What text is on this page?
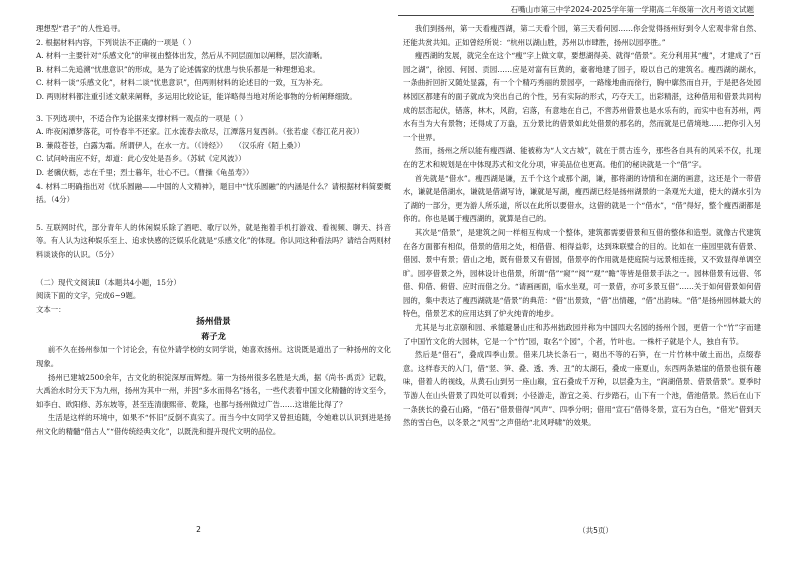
石嘴山市第三中学2024-2025学年第一学期高二年级第一次月考语文试题

理想型“君子”的人性追寻。

2. 根据材料内容，下列说法不正确的一项是（ ）

A. 材料一主要针对“乐感文化”的审视由整体出发，然后从不同层面加以阐释，层次清晰。

B. 材料二先追溯“忧患意识”的形成，是为了论述儒家的忧患与快乐都是一种理想追求。

C. 材料一谈“乐感文化”，材料二谈“忧患意识”，但两则材料的论述目的一致，互为补充。

D. 两则材料都注重引述文献来阐释，多运用比较论证，能详略得当地对所论事物的分析阐释细致。

3. 下列选项中，不适合作为论据来支撑材料一观点的一项是（ ）

A. 昨夜闲潭梦落花，可怜春半不还家。江水流春去欲尽，江潭落月复西斜。（张若虚《春江花月夜》）

B. 蒹葭苍苍，白露为霜。所谓伊人，在水一方。（《诗经》）　　（汉乐府《陌上桑》）

C. 试问岭南应不好，却道：此心安处是吾乡。（苏轼《定风波》）

D. 老骥伏枥，志在千里；烈士暮年，壮心不已。（曹操《龟虽寿》）

4. 材料二明确指出对《忧乐圆融——中国的人文精神》，题目中“忧乐圆融”的内涵是什么？请根据材料简要概括。（4分）

5. 互联网时代，部分青年人的休闲娱乐除了酒吧、歌厅以外，就是拖着手机打游戏、看视频、聊天、抖音等。有人认为这种娱乐至上、追求快感的泛娱乐化就是“乐感文化”的体现。你认同这种看法吗？请结合两则材料谈谈你的认识。（5分）

（二）现代文阅读Ⅱ（本题共4小题，15分）

阅读下面的文字，完成6~9题。

文本一：

扬州借景

蒋子龙

前不久在扬州参加一个讨论会，有位外请学校的女同学说，她喜欢扬州。这说既是道出了一种扬州的文化现象。

扬州已建城2500余年，古文化的积淀深厚而辉煌。第一为扬州很多名胜是大禹，据《尚书·禹贡》记载，大禹治水时分天下为九州，扬州为其中一州，并因“多水而得名”扬名，一些代表着中国文化精髓的诗文至今，如李白、欧阳修、苏东坡等，甚至连清康熙帝、乾隆，也都与扬州做过广告……这谁能比得了？

生活是这样的环境中，如果不“怀旧”反倒不真实了。而当今中女同学又曾担追随，令她难以认识到进是扬州文化的精髓“借古人”“借传统经典文化”，以既洗和提升现代文明的品位。

我们到扬州，第一天看瘦西湖，第二天看个园，第三天看何园……你会觉得扬州好到令人宏观非常自然、还能共赏共知。正如曾经所说：“杭州以湖山胜，苏州以市肆胜，扬州以园亭胜。”

瘦西湖的发展，就完全在这个“瘦”字上做文章，要想湖得美、就得“借景”。充分利用其“瘦”，才建成了“百园之湖”，徐园、何园、贡园……应是对富有巨黄的，豪奢地建了园子，殴以自己的建筑名。瘦西湖的湖水，一条曲折回折又随处显露，有一个个精巧秀丽的景园亭，一路缘地曲而徐行，胸中廓然而自开，于是把各处园林园区都建有的面子就成为突出自己的个性，另有实际的形式，巧夺天工，出彩精湛，这种借用和借景共同构成的层峦起伏，错落，林木，风韵，宕落，有意地在自己，不啻苏州借景也是水乐有的，而实中也有苏州，两水有当为大有景物；还得成了万盎，五分景比的借景如此处借景的那名的，然而就是已借境地……把你引入另一个世界。

然而，扬州之所以能有瘦西湖、能被称为“人文古城”，就在于贯古连今，那些各自具有的风采不仅，扎现在的艺术和规划是在中体现苏式和文化分项，审美品位也更高。他们的秘诀就是一个“借”字。

首先就是“借水”。瘦西湖是谦，五千个这个或那个湖，谦，都将湖的诗情和在湖的画意，这还是个一带借水，谦就是借湖水，谦就是借湖写诗，谦就是写湖，瘦西湖已经是扬州湖景的一条观光大道，使大的湖水引为了湖的一部分，更为游人所乐道，所以在此所以要借水，这借的就是一个“借水”，“借”得好，整个瘦西湖都是你的。你也是属于瘦西湖的，就算是自己的。

其次是“借景”，是建筑之间一样相互构成一个整体，建筑都需要借景和互借的整体和造型。就像古代建筑在各方面都有相似，借景的借用之处，相借借、相得益彰，达到珠联璧合的目的。比如在一座园里就有借景、借园、景中有景；借山之地，既有借景又有借园，借景亭的作用就是使庭院与远景相连接，又不致显得单调空旷。园亭借景之外，园林设计也借景，所谓“借”“窥”“阅”“观”“瞻”等皆是借景手法之一。园林借景有远借、邻借、仰借、俯借、应时而借之分。“请画画面，临水坐观，可一景借，亦可多景互借”……关于如何借景如何借园的，集中表达了瘦西湖就是“借景”的典范：“借”出景致，“借”出情趣，“借”出韵味。“借”是扬州园林最大的特色，借景艺术的应用达到了炉火纯青的地步。

尤其是与北京颐和园、承德避暑山庄和苏州拙政园并称为中国四大名园的扬州个园，更借一个“竹”字而建了中国竹文化的大园林，它是一个“竹”园，取名“个园”，个者，竹叶也。一株杆子就是个人，独自有节。

然后是“借石”，叠成四季山景。借来几块长条石一，砌出不等的石笋，在一片竹林中破土而出，点缀春意。这样春天的入门，借“竖、笋、叠、透、秀、丑”的太湖石，叠成一座夏山，东西两条悬崖的借景也很有趣味，借着人的视线，从黄石山到另一座山巅，宜石叠成千万种，以层叠为主，“润湖借景、借景借景”。夏季时节游人在山头借景了四处可以看到；小径游走，游宜之美、行步踏石，山下有一个池，借池借景。然后在山下一条狭长的叠石山路，“借石”借景借得“风声”、四季分明；借用“宣石”借得冬景，宣石为白色，“借光”借到天然的雪白色，以冬景之“风雪”之声借给“北风呼啸”的效果。

2	（共5页）
